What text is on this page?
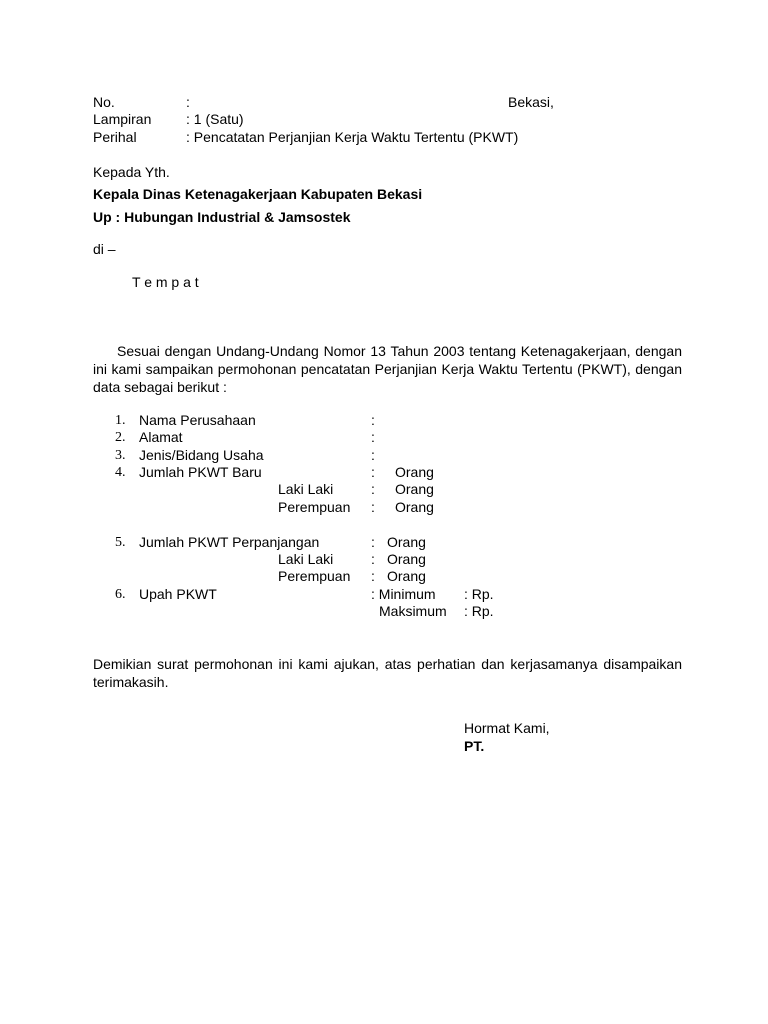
No.	:	Bekasi,
Lampiran : 1 (Satu)
Perihal	: Pencatatan Perjanjian Kerja Waktu Tertentu (PKWT)
Kepada Yth.
Kepala Dinas Ketenagakerjaan Kabupaten Bekasi
Up : Hubungan Industrial & Jamsostek
di –
T e m p a t
Sesuai dengan Undang-Undang Nomor 13 Tahun 2003 tentang Ketenagakerjaan, dengan ini kami sampaikan permohonan pencatatan Perjanjian Kerja Waktu Tertentu (PKWT), dengan data sebagai berikut :
1. Nama Perusahaan	:
2. Alamat	:
3. Jenis/Bidang Usaha	:
4. Jumlah PKWT Baru	: Orang
Laki Laki	: Orang
Perempuan : Orang
5. Jumlah PKWT Perpanjangan	: Orang
Laki Laki	: Orang
Perempuan : Orang
6. Upah PKWT	: Minimum : Rp.
Maksimum : Rp.
Demikian surat permohonan ini kami ajukan, atas perhatian dan kerjasamanya disampaikan terimakasih.
Hormat Kami,
PT.
